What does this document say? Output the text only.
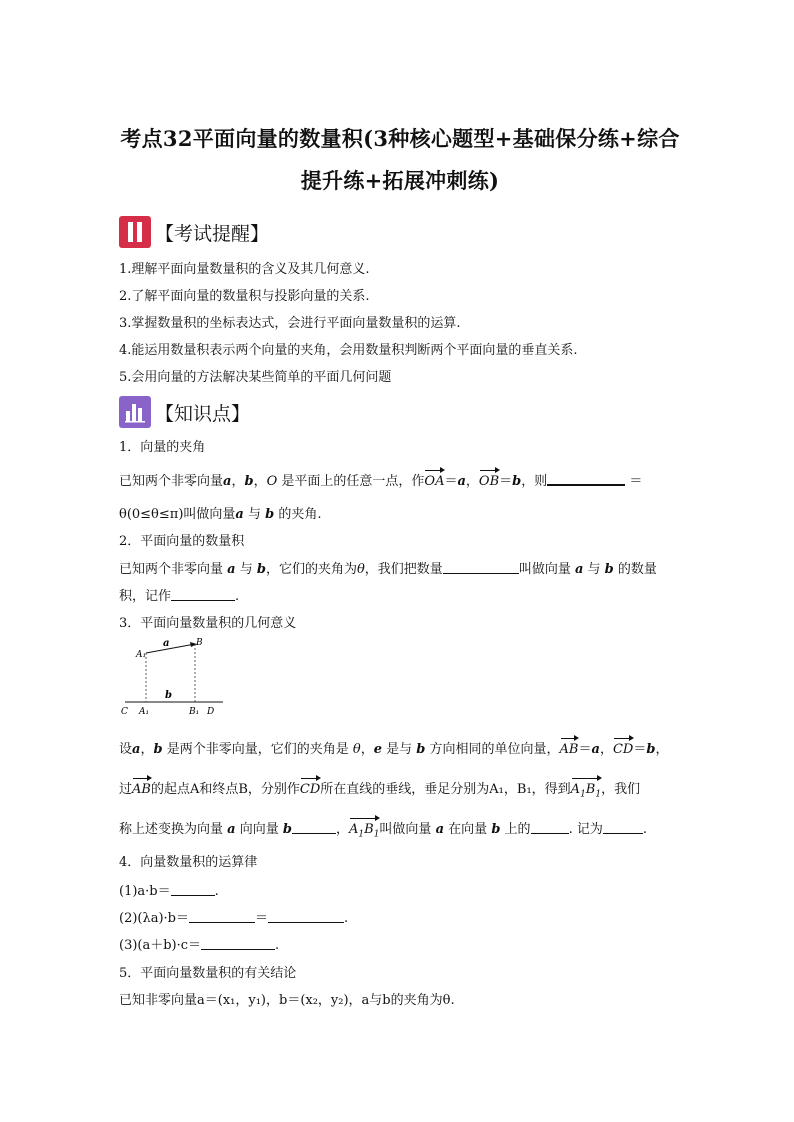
考点32平面向量的数量积(3种核心题型+基础保分练+综合
提升练+拓展冲刺练)
【考试提醒】
1.理解平面向量数量积的含义及其几何意义.
2.了解平面向量的数量积与投影向量的关系.
3.掌握数量积的坐标表达式，会进行平面向量数量积的运算.
4.能运用数量积表示两个向量的夹角，会用数量积判断两个平面向量的垂直关系.
5.会用向量的方法解决某些简单的平面几何问题
【知识点】
1．向量的夹角
已知两个非零向量a，b，O 是平面上的任意一点，作OA＝a，OB＝b，则	＝
θ(0≤θ≤π)叫做向量a 与 b 的夹角.
2．平面向量的数量积
已知两个非零向量 a 与 b，它们的夹角为θ，我们把数量	叫做向量 a 与 b 的数量
积，记作	.
3．平面向量数量积的几何意义
A₁
B
a
b
C A₁	B₁ D
设a，b 是两个非零向量，它们的夹角是 θ，e 是与 b 方向相同的单位向量，AB＝a，CD＝b，
过AB的起点A和终点B，分别作CD所在直线的垂线，垂足分别为A₁，B₁，得到$A_1B_1$，我们
称上述变换为向量 a 向向量 b	，$A_1B_1$叫做向量 a 在向量 b 上的	. 记为	.
4．向量数量积的运算律
(1)a·b＝	.
(2)(λa)·b＝	＝	.
(3)(a＋b)·c＝	.
5．平面向量数量积的有关结论
已知非零向量a＝(x₁，y₁)，b＝(x₂，y₂)，a与b的夹角为θ.
